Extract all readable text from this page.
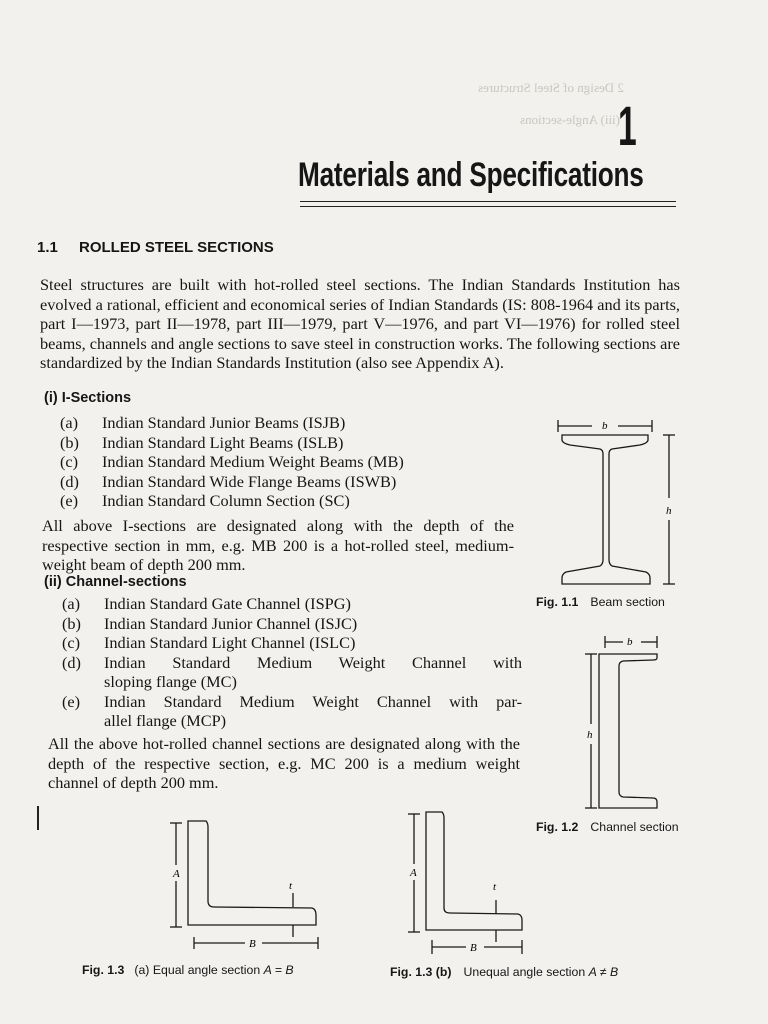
2 Design of Steel Structures
(iii) Angle-sections
1
Materials and Specifications
1.1 ROLLED STEEL SECTIONS

Steel structures are built with hot-rolled steel sections. The Indian Standards Institution has evolved a rational, efficient and economical series of Indian Standards (IS: 808-1964 and its parts, part I—1973, part II—1978, part III—1979, part V—1976, and part VI—1976) for rolled steel beams, channels and angle sections to save steel in construction works. The following sections are standardized by the Indian Standards Institution (also see Appendix A).

(i) I-Sections
(a)	Indian Standard Junior Beams (ISJB)
(b)	Indian Standard Light Beams (ISLB)
(c)	Indian Standard Medium Weight Beams (MB)
(d)	Indian Standard Wide Flange Beams (ISWB)
(e)	Indian Standard Column Section (SC)
All above I-sections are designated along with the depth of the respective section in mm, e.g. MB 200 is a hot-rolled steel, medium-weight beam of depth 200 mm.
(ii) Channel-sections
(a)	Indian Standard Gate Channel (ISPG)
(b)	Indian Standard Junior Channel (ISJC)
(c)	Indian Standard Light Channel (ISLC)
(d)	Indian Standard Medium Weight Channel with
sloping flange (MC)
(e)	Indian Standard Medium Weight Channel with par-
allel flange (MCP)
All the above hot-rolled channel sections are designated along with the depth of the respective section, e.g. MC 200 is a medium weight channel of depth 200 mm.
b
h
Fig. 1.1 Beam section
b
h
Fig. 1.2 Channel section
A
t
B
Fig. 1.3 (a) Equal angle section A = B
A
t
B
Fig. 1.3 (b) Unequal angle section A ≠ B
